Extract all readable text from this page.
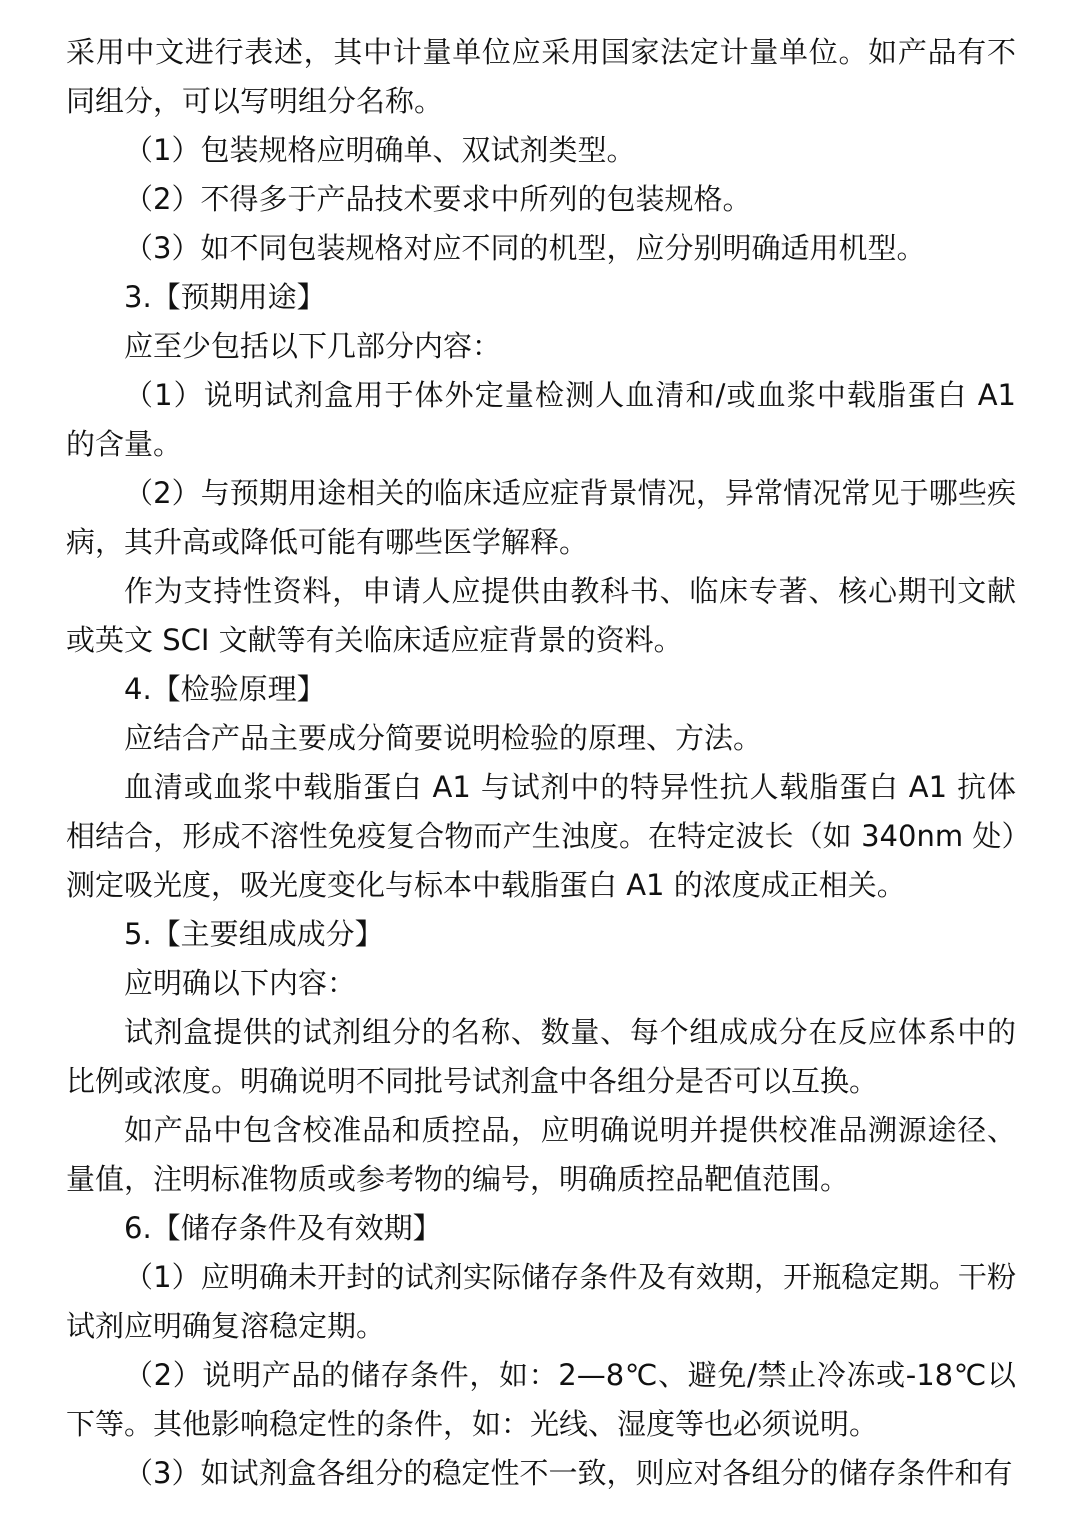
采用中文进行表述，其中计量单位应采用国家法定计量单位。如产品有不同组分，可以写明组分名称。

（1）包装规格应明确单、双试剂类型。

（2）不得多于产品技术要求中所列的包装规格。

（3）如不同包装规格对应不同的机型，应分别明确适用机型。

3.【预期用途】

应至少包括以下几部分内容：

（1）说明试剂盒用于体外定量检测人血清和/或血浆中载脂蛋白 A1 的含量。

（2）与预期用途相关的临床适应症背景情况，异常情况常见于哪些疾病，其升高或降低可能有哪些医学解释。

作为支持性资料，申请人应提供由教科书、临床专著、核心期刊文献或英文 SCI 文献等有关临床适应症背景的资料。

4.【检验原理】

应结合产品主要成分简要说明检验的原理、方法。

血清或血浆中载脂蛋白 A1 与试剂中的特异性抗人载脂蛋白 A1 抗体相结合，形成不溶性免疫复合物而产生浊度。在特定波长（如 340nm 处）测定吸光度，吸光度变化与标本中载脂蛋白 A1 的浓度成正相关。

5.【主要组成成分】

应明确以下内容：

试剂盒提供的试剂组分的名称、数量、每个组成成分在反应体系中的比例或浓度。明确说明不同批号试剂盒中各组分是否可以互换。

如产品中包含校准品和质控品，应明确说明并提供校准品溯源途径、量值，注明标准物质或参考物的编号，明确质控品靶值范围。

6.【储存条件及有效期】

（1）应明确未开封的试剂实际储存条件及有效期，开瓶稳定期。干粉试剂应明确复溶稳定期。

（2）说明产品的储存条件，如：2—8℃、避免/禁止冷冻或-18℃以下等。其他影响稳定性的条件，如：光线、湿度等也必须说明。

（3）如试剂盒各组分的稳定性不一致，则应对各组分的储存条件和有
